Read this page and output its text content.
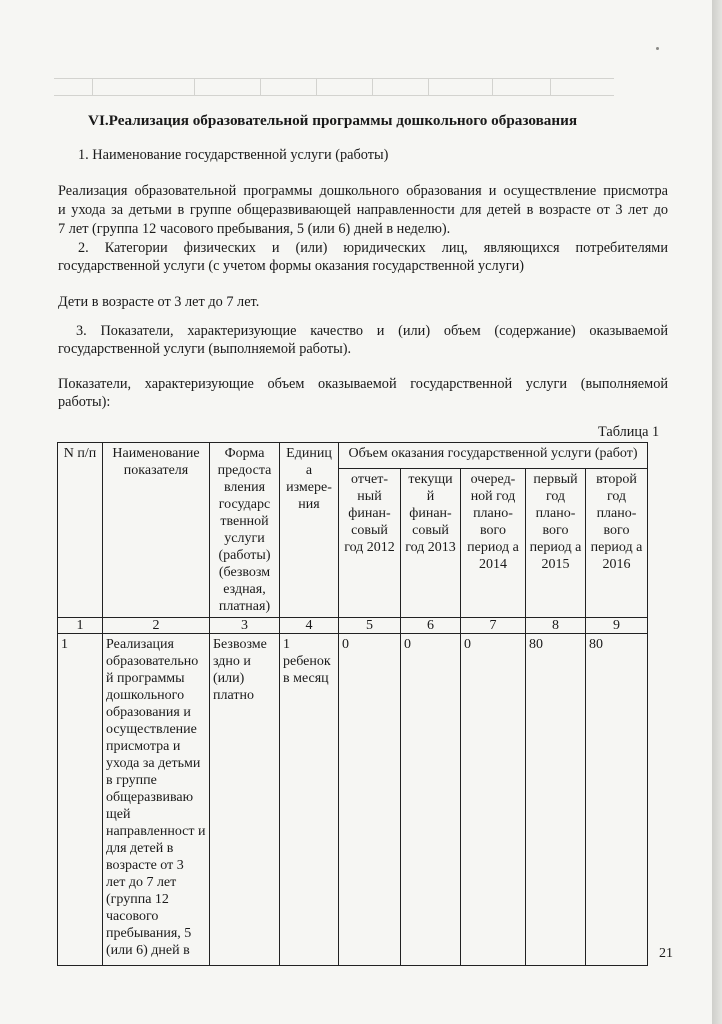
VI.Реализация образовательной программы дошкольного образования
1. Наименование государственной услуги (работы)
Реализация образовательной программы дошкольного образования и осуществление присмотра
и ухода за детьми в группе общеразвивающей направленности для детей в возрасте от 3 лет до
7 лет (группа 12 часового пребывания, 5 (или 6) дней в неделю).
2. Категории физических и (или) юридических лиц, являющихся потребителями
государственной услуги (с учетом формы оказания государственной услуги)
Дети в возрасте от 3 лет до 7 лет.
3. Показатели, характеризующие качество и (или) объем (содержание) оказываемой
государственной услуги (выполняемой работы).
Показатели, характеризующие объем оказываемой государственной услуги (выполняемой
работы):
Таблица 1
N п/п	Наименование показателя	Форма предоста вления государс твенной услуги (работы) (безвозм ездная, платная)	Единиц а измере- ния	Объем оказания государственной услуги (работ)				
				отчет- ный финан- совый год 2012	текущи й финан- совый год 2013	очеред- ной год плано- вого период а 2014	первый год плано- вого период а 2015	второй год плано- вого период а 2016
1	2	3	4	5	6	7	8	9
1	Реализация образовательно й программы дошкольного образования и осуществление присмотра и ухода за детьми в группе общеразвиваю щей направленност и для детей в возрасте от 3 лет до 7 лет (группа 12 часового пребывания, 5 (или 6) дней в	Безвозме здно и (или) платно	1 ребенок в месяц	0	0	0	80	80
21
